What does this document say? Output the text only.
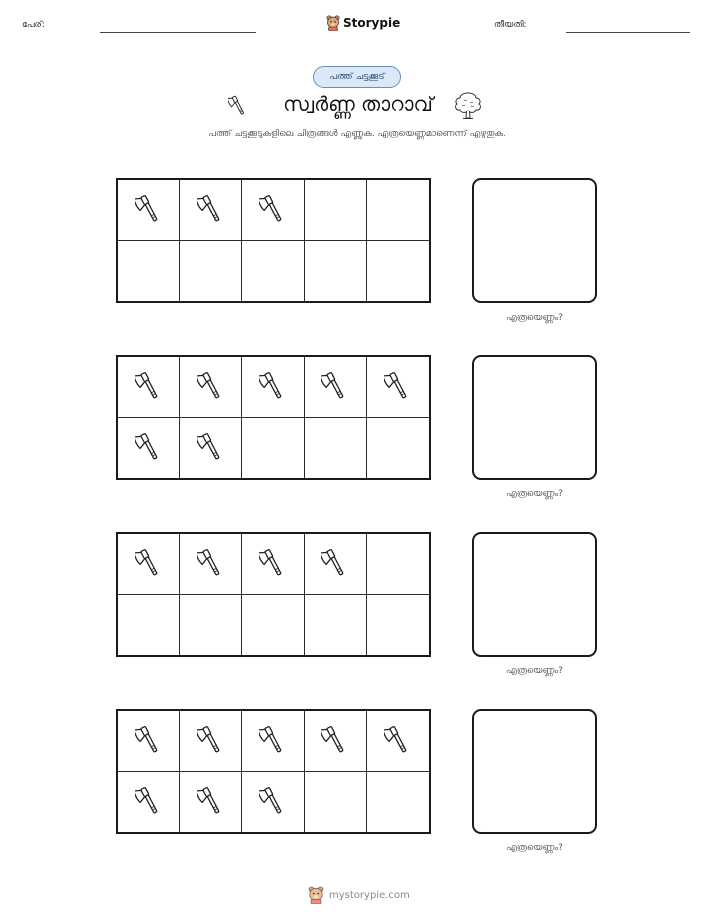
പേര്:	Storypie	തീയതി:
പത്ത് ചട്ടക്കൂട്
സ്വർണ്ണ താറാവ്
പത്ത് ചട്ടക്കൂടുകളിലെ ചിത്രങ്ങൾ എണ്ണുക. എത്രയെണ്ണമാണെന്ന് എഴുതുക.
എത്രയെണ്ണം?
എത്രയെണ്ണം?
എത്രയെണ്ണം?
എത്രയെണ്ണം?
mystorypie.com
